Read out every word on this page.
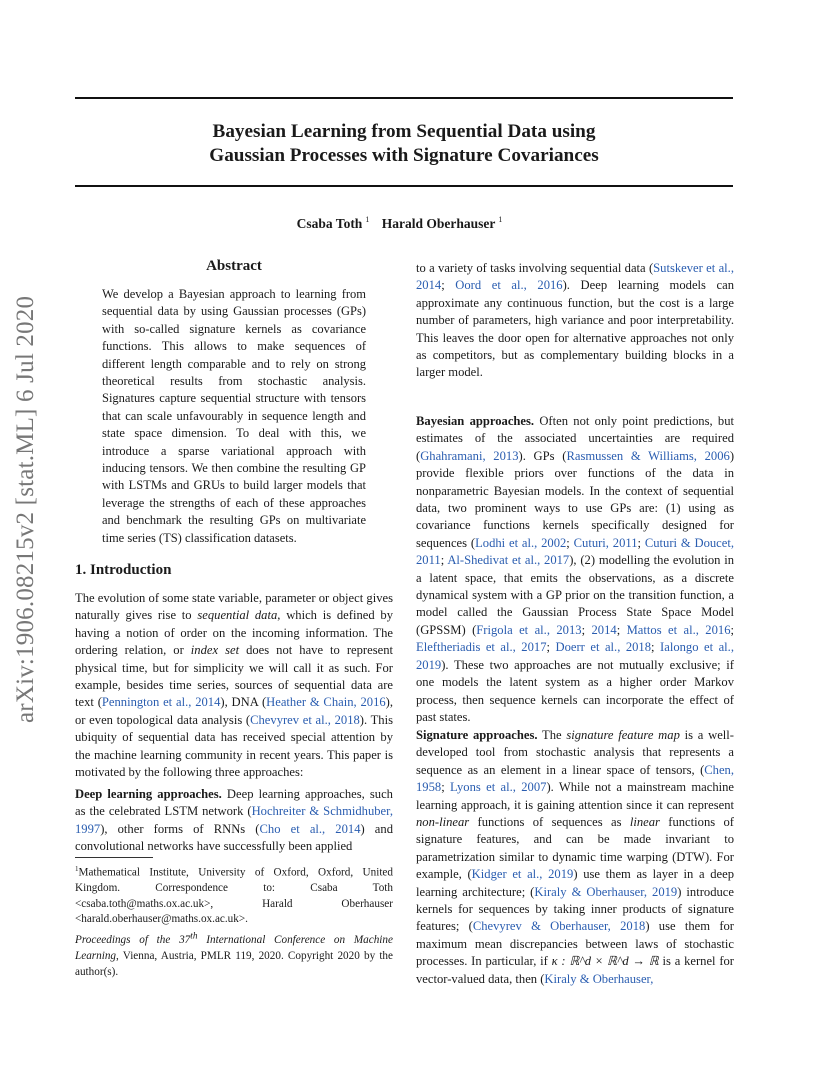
Bayesian Learning from Sequential Data using
Gaussian Processes with Signature Covariances
Csaba Toth $^1$ Harald Oberhauser $^1$
arXiv:1906.08215v2 [stat.ML] 6 Jul 2020
Abstract
We develop a Bayesian approach to learning from sequential data by using Gaussian processes (GPs) with so-called signature kernels as covariance functions. This allows to make sequences of different length comparable and to rely on strong theoretical results from stochastic analysis. Signatures capture sequential structure with tensors that can scale unfavourably in sequence length and state space dimension. To deal with this, we introduce a sparse variational approach with inducing tensors. We then combine the resulting GP with LSTMs and GRUs to build larger models that leverage the strengths of each of these approaches and benchmark the resulting GPs on multivariate time series (TS) classification datasets.
1. Introduction

The evolution of some state variable, parameter or object gives naturally gives rise to sequential data, which is defined by having a notion of order on the incoming information. The ordering relation, or index set does not have to represent physical time, but for simplicity we will call it as such. For example, besides time series, sources of sequential data are text (Pennington et al., 2014), DNA (Heather & Chain, 2016), or even topological data analysis (Chevyrev et al., 2018). This ubiquity of sequential data has received special attention by the machine learning community in recent years. This paper is motivated by the following three approaches:

Deep learning approaches. Deep learning approaches, such as the celebrated LSTM network (Hochreiter & Schmidhuber, 1997), other forms of RNNs (Cho et al., 2014) and convolutional networks have successfully been applied

$^1$Mathematical Institute, University of Oxford, Oxford, United Kingdom. Correspondence to: Csaba Toth <csaba.toth@maths.ox.ac.uk>, Harald Oberhauser <harald.oberhauser@maths.ox.ac.uk>.
Proceedings of the 37th International Conference on Machine Learning, Vienna, Austria, PMLR 119, 2020. Copyright 2020 by the author(s).

to a variety of tasks involving sequential data (Sutskever et al., 2014; Oord et al., 2016). Deep learning models can approximate any continuous function, but the cost is a large number of parameters, high variance and poor interpretability. This leaves the door open for alternative approaches not only as competitors, but as complementary building blocks in a larger model.

Bayesian approaches. Often not only point predictions, but estimates of the associated uncertainties are required (Ghahramani, 2013). GPs (Rasmussen & Williams, 2006) provide flexible priors over functions of the data in nonparametric Bayesian models. In the context of sequential data, two prominent ways to use GPs are: (1) using as covariance functions kernels specifically designed for sequences (Lodhi et al., 2002; Cuturi, 2011; Cuturi & Doucet, 2011; Al-Shedivat et al., 2017), (2) modelling the evolution in a latent space, that emits the observations, as a discrete dynamical system with a GP prior on the transition function, a model called the Gaussian Process State Space Model (GPSSM) (Frigola et al., 2013; 2014; Mattos et al., 2016; Eleftheriadis et al., 2017; Doerr et al., 2018; Ialongo et al., 2019). These two approaches are not mutually exclusive; if one models the latent system as a higher order Markov process, then sequence kernels can incorporate the effect of past states.

Signature approaches. The signature feature map is a well-developed tool from stochastic analysis that represents a sequence as an element in a linear space of tensors, (Chen, 1958; Lyons et al., 2007). While not a mainstream machine learning approach, it is gaining attention since it can represent non-linear functions of sequences as linear functions of signature features, and can be made invariant to parametrization similar to dynamic time warping (DTW). For example, (Kidger et al., 2019) use them as layer in a deep learning architecture; (Kiraly & Oberhauser, 2019) introduce kernels for sequences by taking inner products of signature features; (Chevyrev & Oberhauser, 2018) use them for maximum mean discrepancies between laws of stochastic processes. In particular, if κ : ℝ^d × ℝ^d → ℝ is a kernel for vector-valued data, then (Kiraly & Oberhauser,
